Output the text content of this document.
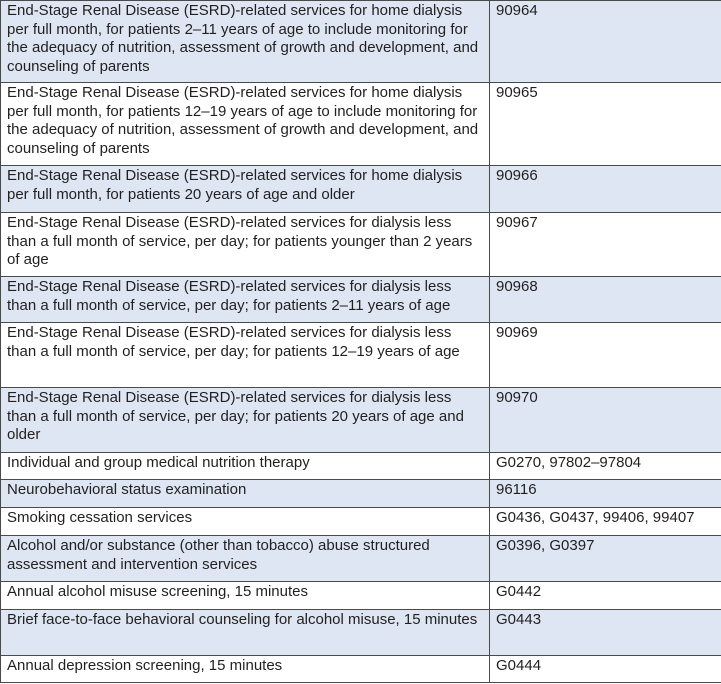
End-Stage Renal Disease (ESRD)-related services for home dialysis per full month, for patients 2–11 years of age to include monitoring for the adequacy of nutrition, assessment of growth and development, and counseling of parents	90964
End-Stage Renal Disease (ESRD)-related services for home dialysis per full month, for patients 12–19 years of age to include monitoring for the adequacy of nutrition, assessment of growth and development, and counseling of parents	90965
End-Stage Renal Disease (ESRD)-related services for home dialysis per full month, for patients 20 years of age and older	90966
End-Stage Renal Disease (ESRD)-related services for dialysis less than a full month of service, per day; for patients younger than 2 years of age	90967
End-Stage Renal Disease (ESRD)-related services for dialysis less than a full month of service, per day; for patients 2–11 years of age	90968
End-Stage Renal Disease (ESRD)-related services for dialysis less than a full month of service, per day; for patients 12–19 years of age	90969
End-Stage Renal Disease (ESRD)-related services for dialysis less than a full month of service, per day; for patients 20 years of age and older	90970
Individual and group medical nutrition therapy	G0270, 97802–97804
Neurobehavioral status examination	96116
Smoking cessation services	G0436, G0437, 99406, 99407
Alcohol and/or substance (other than tobacco) abuse structured assessment and intervention services	G0396, G0397
Annual alcohol misuse screening, 15 minutes	G0442
Brief face-to-face behavioral counseling for alcohol misuse, 15 minutes	G0443
Annual depression screening, 15 minutes	G0444
